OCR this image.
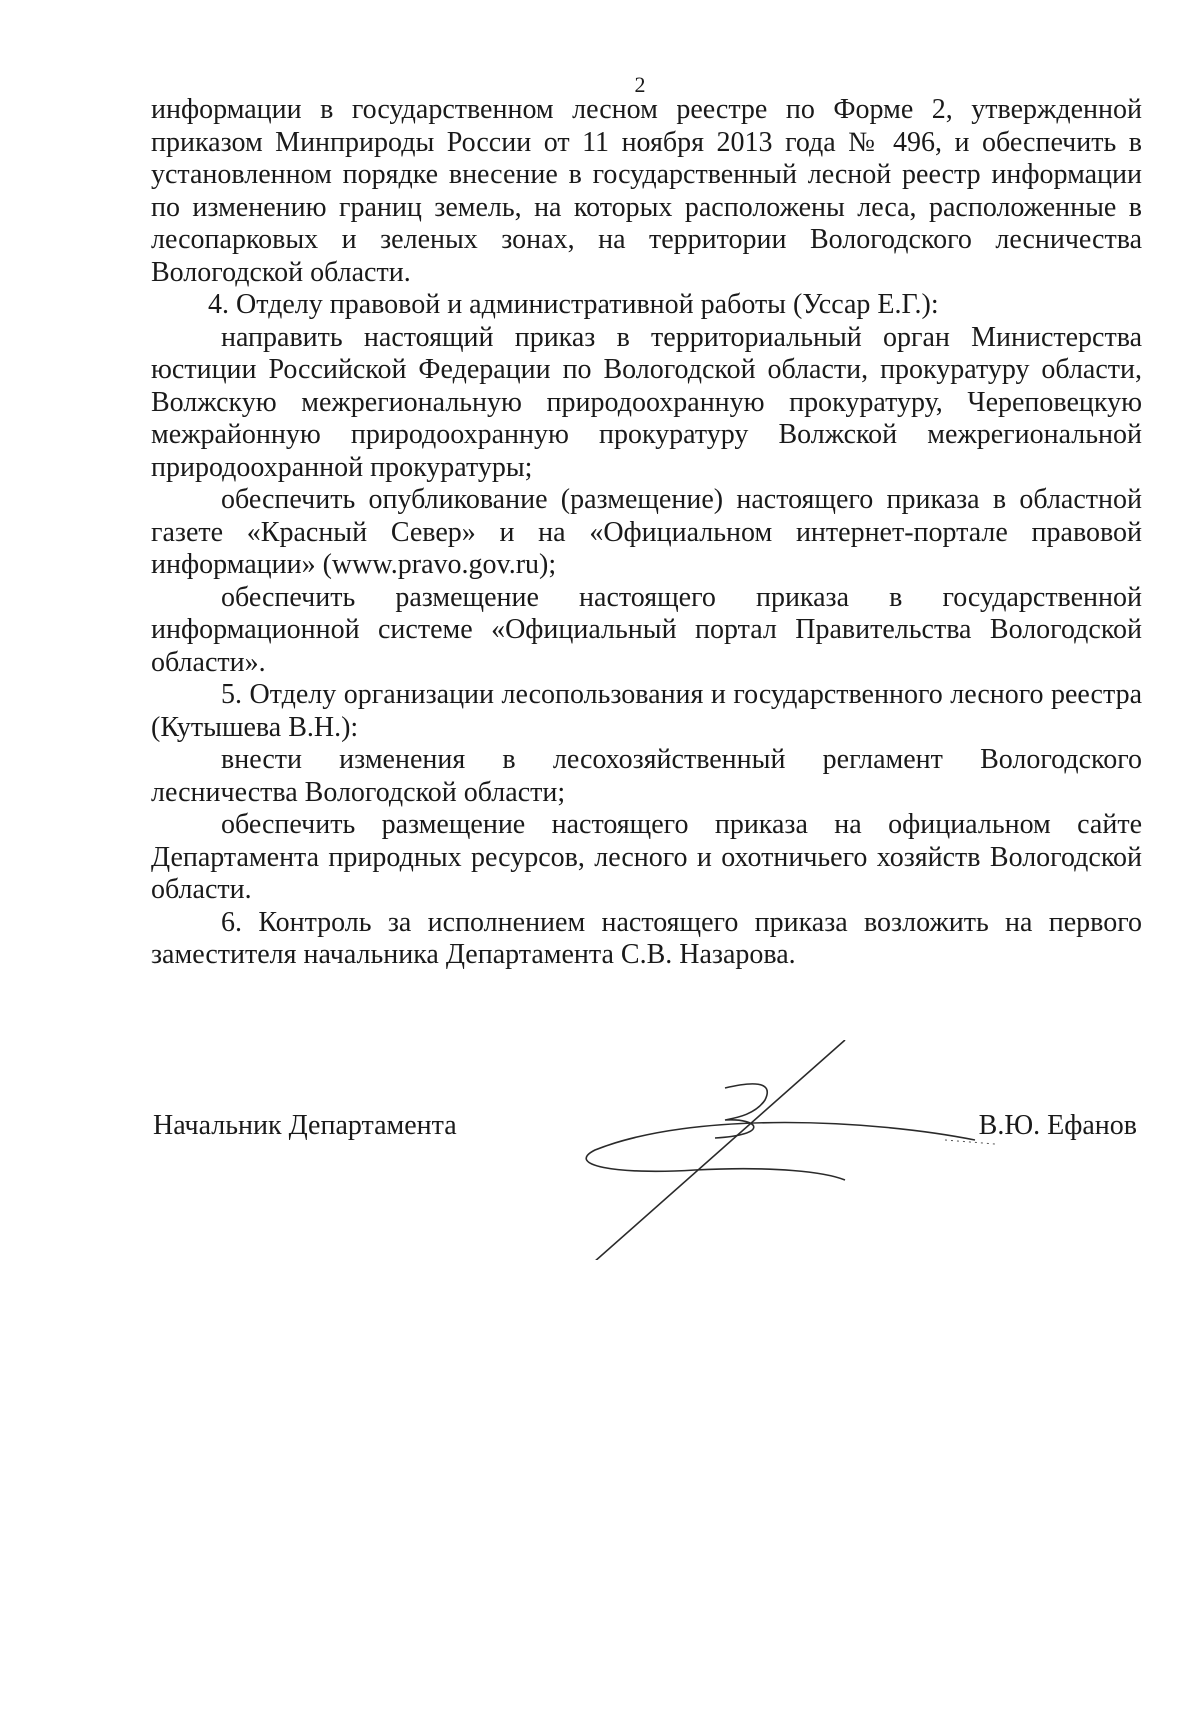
2

информации в государственном лесном реестре по Форме 2, утвержденной приказом Минприроды России от 11 ноября 2013 года № 496, и обеспечить в установленном порядке внесение в государственный лесной реестр информации по изменению границ земель, на которых расположены леса, расположенные в лесопарковых и зеленых зонах, на территории Вологодского лесничества Вологодской области.

4. Отделу правовой и административной работы (Уссар Е.Г.):

направить настоящий приказ в территориальный орган Министерства юстиции Российской Федерации по Вологодской области, прокуратуру области, Волжскую межрегиональную природоохранную прокуратуру, Череповецкую межрайонную природоохранную прокуратуру Волжской межрегиональной природоохранной прокуратуры;

обеспечить опубликование (размещение) настоящего приказа в областной газете «Красный Север» и на «Официальном интернет-портале правовой информации» (www.pravo.gov.ru);

обеспечить размещение настоящего приказа в государственной информационной системе «Официальный портал Правительства Вологодской области».

5. Отделу организации лесопользования и государственного лесного реестра (Кутышева В.Н.):

внести изменения в лесохозяйственный регламент Вологодского лесничества Вологодской области;

обеспечить размещение настоящего приказа на официальном сайте Департамента природных ресурсов, лесного и охотничьего хозяйств Вологодской области.

6. Контроль за исполнением настоящего приказа возложить на первого заместителя начальника Департамента С.В. Назарова.

Начальник Департамента	В.Ю. Ефанов
